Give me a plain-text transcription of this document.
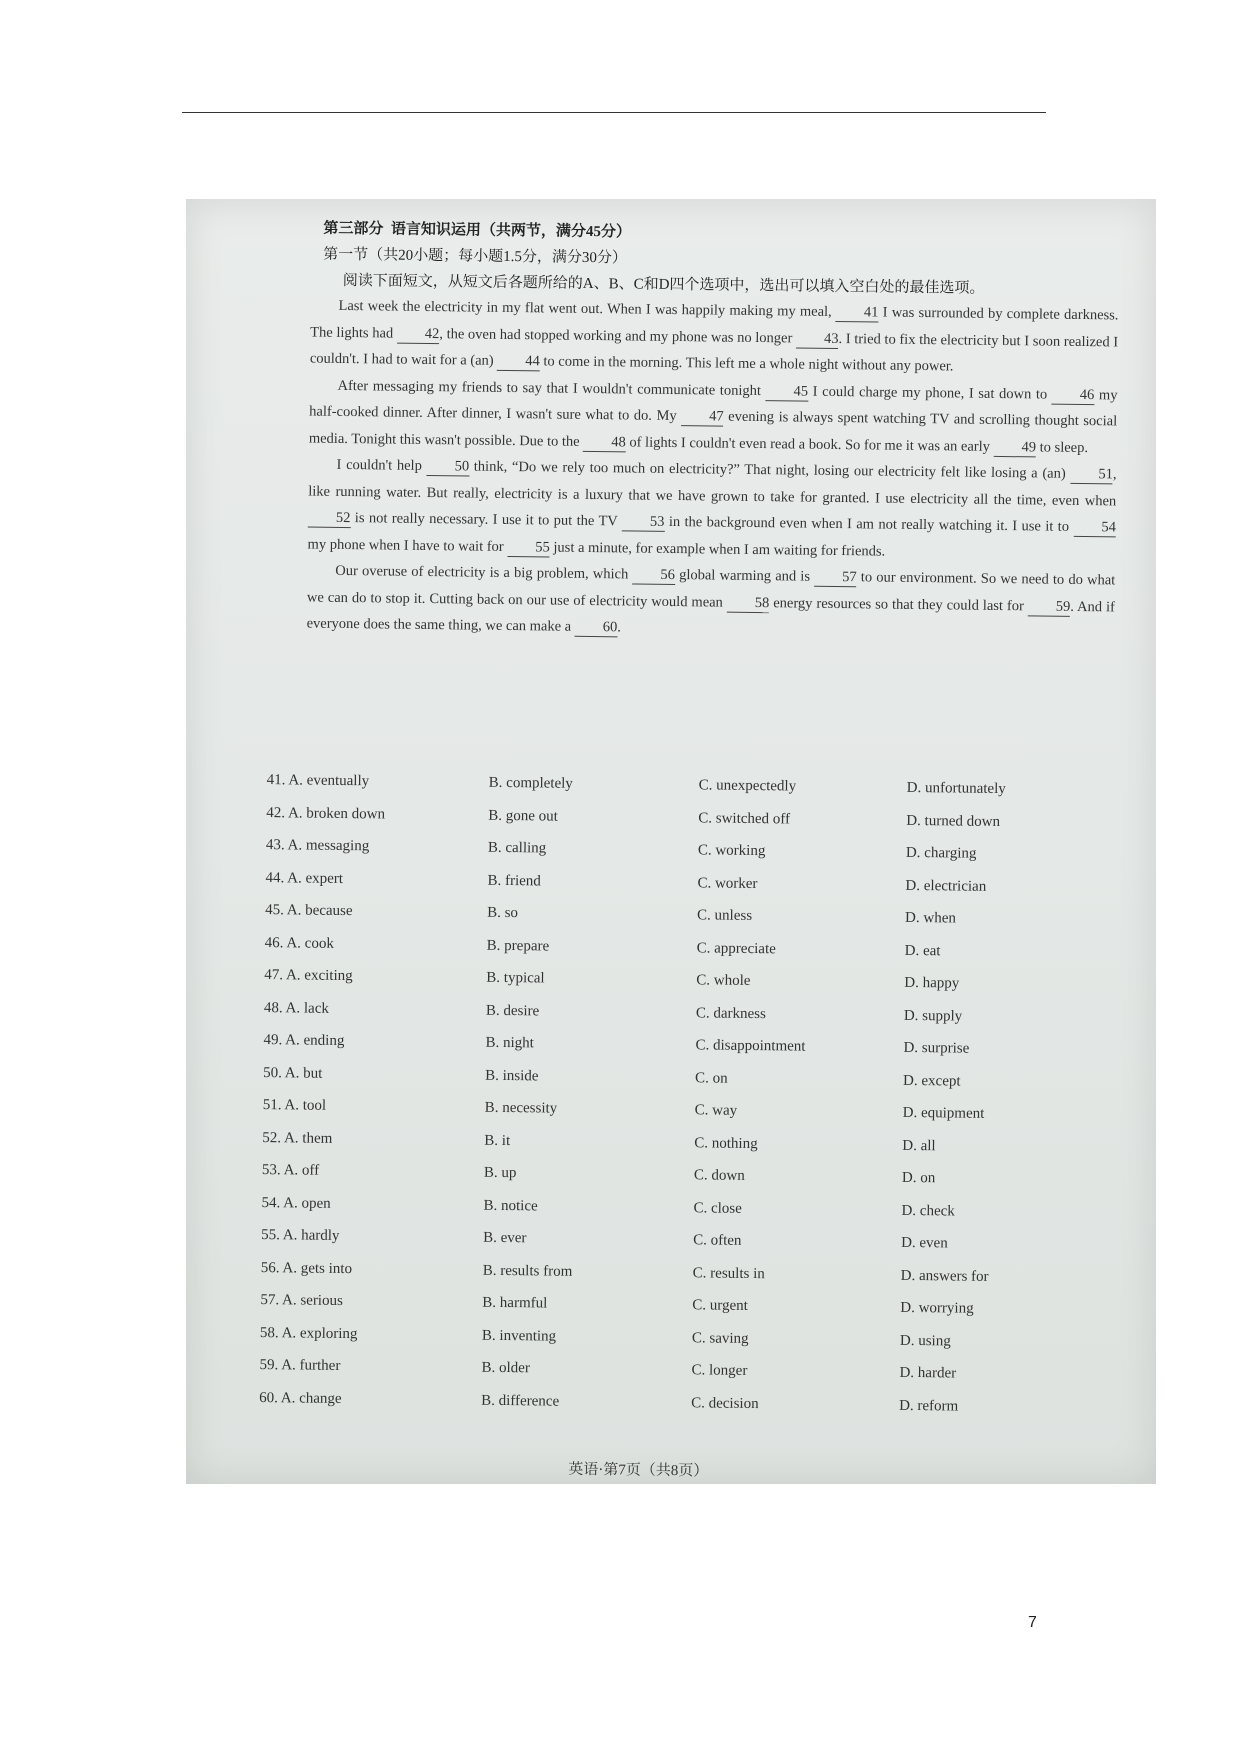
第三部分 语言知识运用（共两节，满分45分）
第一节（共20小题；每小题1.5分，满分30分）
阅读下面短文，从短文后各题所给的A、B、C和D四个选项中，选出可以填入空白处的最佳选项。

Last week the electricity in my flat went out. When I was happily making my meal, 41 I was surrounded by complete darkness. The lights had 42, the oven had stopped working and my phone was no longer 43. I tried to fix the electricity but I soon realized I couldn't. I had to wait for a (an) 44 to come in the morning. This left me a whole night without any power.

After messaging my friends to say that I wouldn't communicate tonight 45 I could charge my phone, I sat down to 46 my half-cooked dinner. After dinner, I wasn't sure what to do. My 47 evening is always spent watching TV and scrolling thought social media. Tonight this wasn't possible. Due to the 48 of lights I couldn't even read a book. So for me it was an early 49 to sleep.

I couldn't help 50 think, “Do we rely too much on electricity?” That night, losing our electricity felt like losing a (an) 51, like running water. But really, electricity is a luxury that we have grown to take for granted. I use electricity all the time, even when 52 is not really necessary. I use it to put the TV 53 in the background even when I am not really watching it. I use it to 54 my phone when I have to wait for 55 just a minute, for example when I am waiting for friends.

Our overuse of electricity is a big problem, which 56 global warming and is 57 to our environment. So we need to do what we can do to stop it. Cutting back on our use of electricity would mean 58 energy resources so that they could last for 59. And if everyone does the same thing, we can make a 60.

41. A. eventually	B. completely	C. unexpectedly	D. unfortunately
42. A. broken down	B. gone out	C. switched off	D. turned down
43. A. messaging	B. calling	C. working	D. charging
44. A. expert	B. friend	C. worker	D. electrician
45. A. because	B. so	C. unless	D. when
46. A. cook	B. prepare	C. appreciate	D. eat
47. A. exciting	B. typical	C. whole	D. happy
48. A. lack	B. desire	C. darkness	D. supply
49. A. ending	B. night	C. disappointment	D. surprise
50. A. but	B. inside	C. on	D. except
51. A. tool	B. necessity	C. way	D. equipment
52. A. them	B. it	C. nothing	D. all
53. A. off	B. up	C. down	D. on
54. A. open	B. notice	C. close	D. check
55. A. hardly	B. ever	C. often	D. even
56. A. gets into	B. results from	C. results in	D. answers for
57. A. serious	B. harmful	C. urgent	D. worrying
58. A. exploring	B. inventing	C. saving	D. using
59. A. further	B. older	C. longer	D. harder
60. A. change	B. difference	C. decision	D. reform
英语·第7页（共8页）
7
